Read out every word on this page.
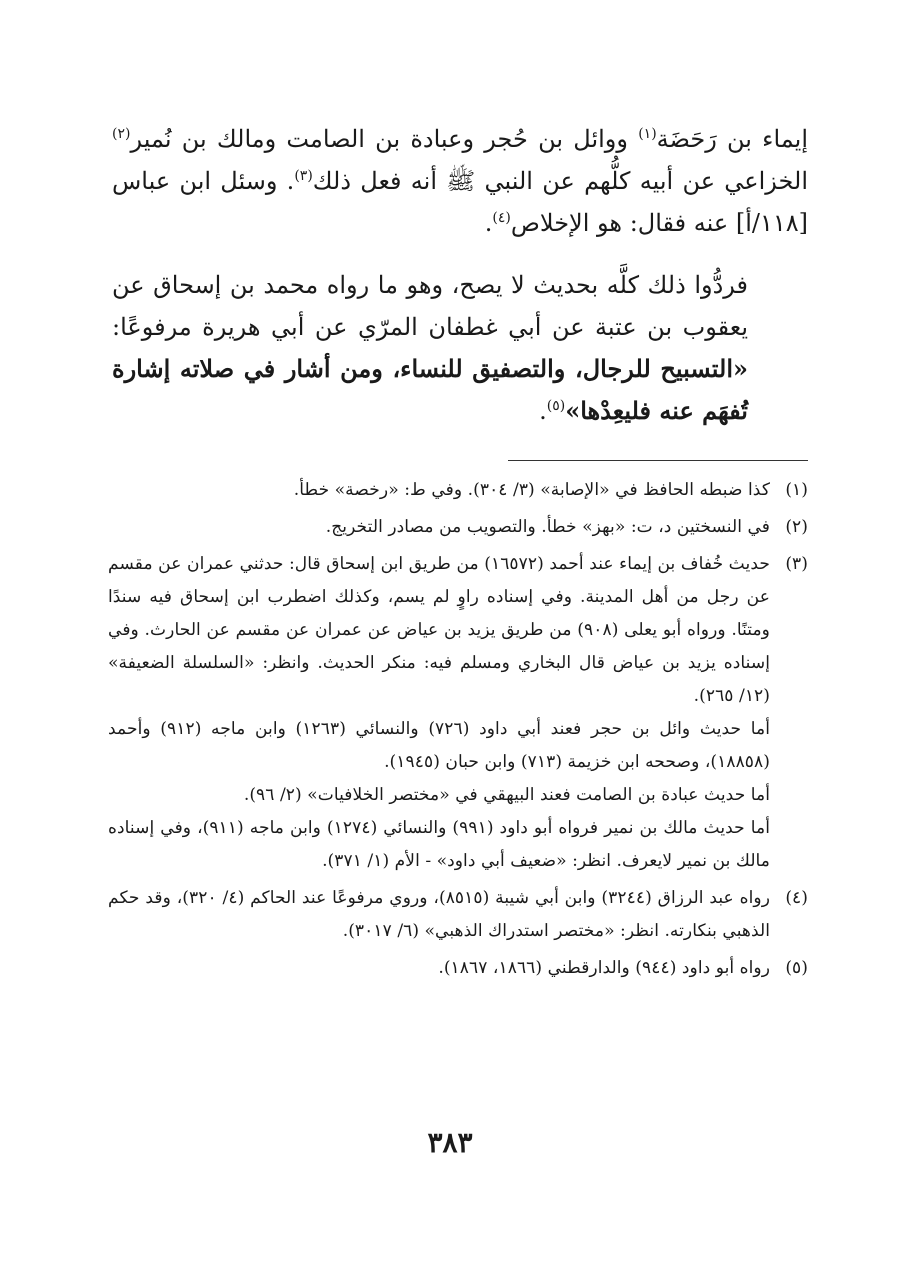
إيماء بن رَحَضَة$^{(١)}$ ووائل بن حُجر وعبادة بن الصامت ومالك بن نُمير$^{(٢)}$ الخزاعي عن أبيه كلُّهم عن النبي ﷺ أنه فعل ذلك$^{(٣)}$. وسئل ابن عباس [١١٨/أ] عنه فقال: هو الإخلاص$^{(٤)}$.

فردُّوا ذلك كلَّه بحديث لا يصح، وهو ما رواه محمد بن إسحاق عن يعقوب بن عتبة عن أبي غطفان المرّي عن أبي هريرة مرفوعًا: «التسبيح للرجال، والتصفيق للنساء، ومن أشار في صلاته إشارة تُفهَم عنه فليعِدْها»$^{(٥)}$.

(١)
كذا ضبطه الحافظ في «الإصابة» (٣/ ٣٠٤). وفي ط: «رخصة» خطأ.
(٢)
في النسختين د، ت: «بهز» خطأ. والتصويب من مصادر التخريج.
(٣)
حديث خُفاف بن إيماء عند أحمد (١٦٥٧٢) من طريق ابن إسحاق قال: حدثني عمران عن مقسم عن رجل من أهل المدينة. وفي إسناده راوٍ لم يسم، وكذلك اضطرب ابن إسحاق فيه سندًا ومتنًا. ورواه أبو يعلى (٩٠٨) من طريق يزيد بن عياض عن عمران عن مقسم عن الحارث. وفي إسناده يزيد بن عياض قال البخاري ومسلم فيه: منكر الحديث. وانظر: «السلسلة الضعيفة» (١٢/ ٢٦٥).
أما حديث وائل بن حجر فعند أبي داود (٧٢٦) والنسائي (١٢٦٣) وابن ماجه (٩١٢) وأحمد (١٨٨٥٨)، وصححه ابن خزيمة (٧١٣) وابن حبان (١٩٤٥).
أما حديث عبادة بن الصامت فعند البيهقي في «مختصر الخلافيات» (٢/ ٩٦).
أما حديث مالك بن نمير فرواه أبو داود (٩٩١) والنسائي (١٢٧٤) وابن ماجه (٩١١)، وفي إسناده مالك بن نمير لايعرف. انظر: «ضعيف أبي داود» - الأم (١/ ٣٧١).
(٤)
رواه عبد الرزاق (٣٢٤٤) وابن أبي شيبة (٨٥١٥)، وروي مرفوعًا عند الحاكم (٤/ ٣٢٠)، وقد حكم الذهبي بنكارته. انظر: «مختصر استدراك الذهبي» (٦/ ٣٠١٧).
(٥)
رواه أبو داود (٩٤٤) والدارقطني (١٨٦٦، ١٨٦٧).
٣٨٣
